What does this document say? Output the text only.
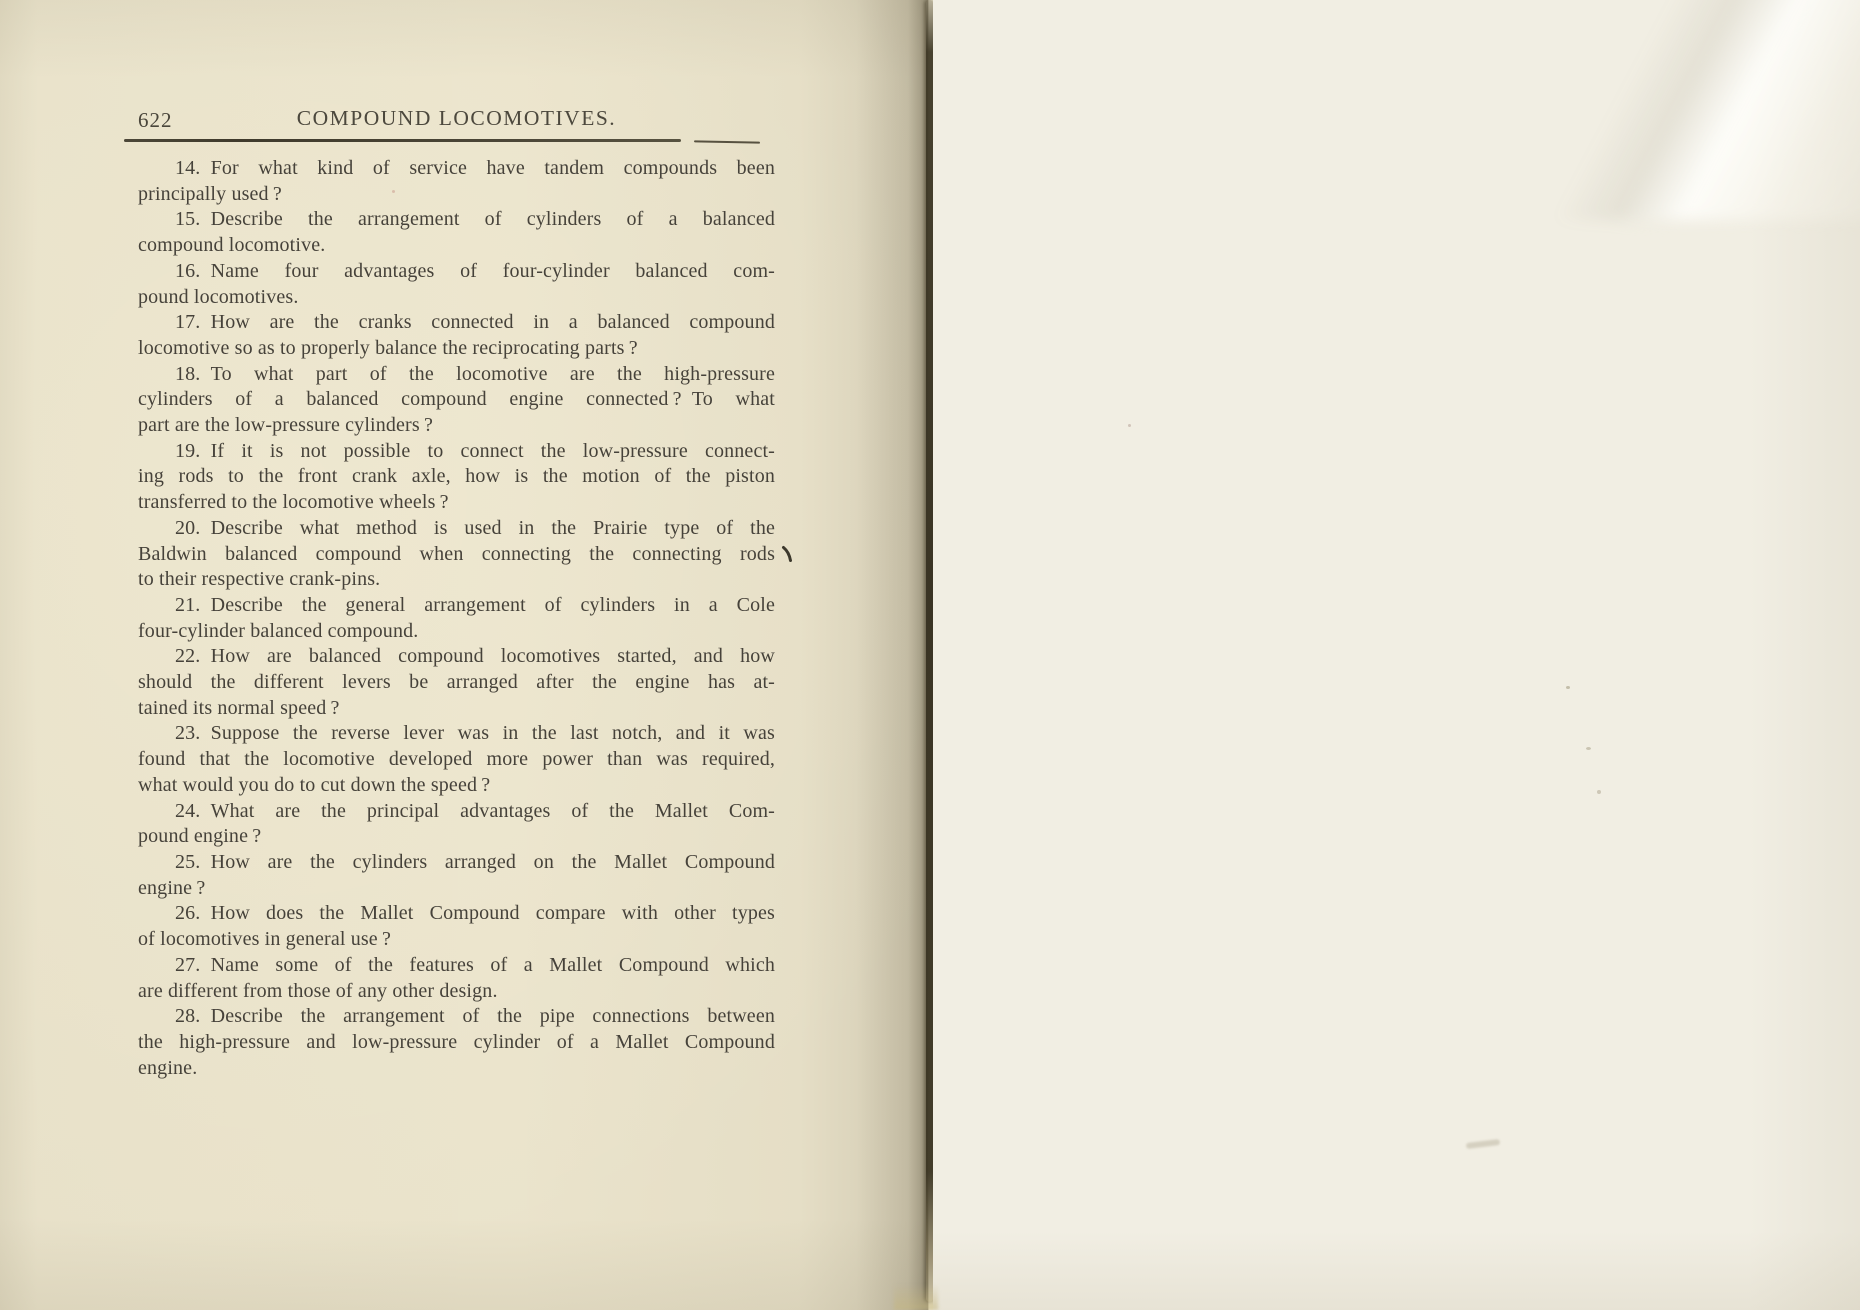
622	COMPOUND LOCOMOTIVES.
14. For what kind of service have tandem compounds been
principally used ?
15. Describe the arrangement of cylinders of a balanced
compound locomotive.
16. Name four advantages of four-cylinder balanced com-
pound locomotives.
17. How are the cranks connected in a balanced compound
locomotive so as to properly balance the reciprocating parts ?
18. To what part of the locomotive are the high-pressure
cylinders of a balanced compound engine connected ? To what
part are the low-pressure cylinders ?
19. If it is not possible to connect the low-pressure connect-
ing rods to the front crank axle, how is the motion of the piston
transferred to the locomotive wheels ?
20. Describe what method is used in the Prairie type of the
Baldwin balanced compound when connecting the connecting rods
to their respective crank-pins.
21. Describe the general arrangement of cylinders in a Cole
four-cylinder balanced compound.
22. How are balanced compound locomotives started, and how
should the different levers be arranged after the engine has at-
tained its normal speed ?
23. Suppose the reverse lever was in the last notch, and it was
found that the locomotive developed more power than was required,
what would you do to cut down the speed ?
24. What are the principal advantages of the Mallet Com-
pound engine ?
25. How are the cylinders arranged on the Mallet Compound
engine ?
26. How does the Mallet Compound compare with other types
of locomotives in general use ?
27. Name some of the features of a Mallet Compound which
are different from those of any other design.
28. Describe the arrangement of the pipe connections between
the high-pressure and low-pressure cylinder of a Mallet Compound
engine.
